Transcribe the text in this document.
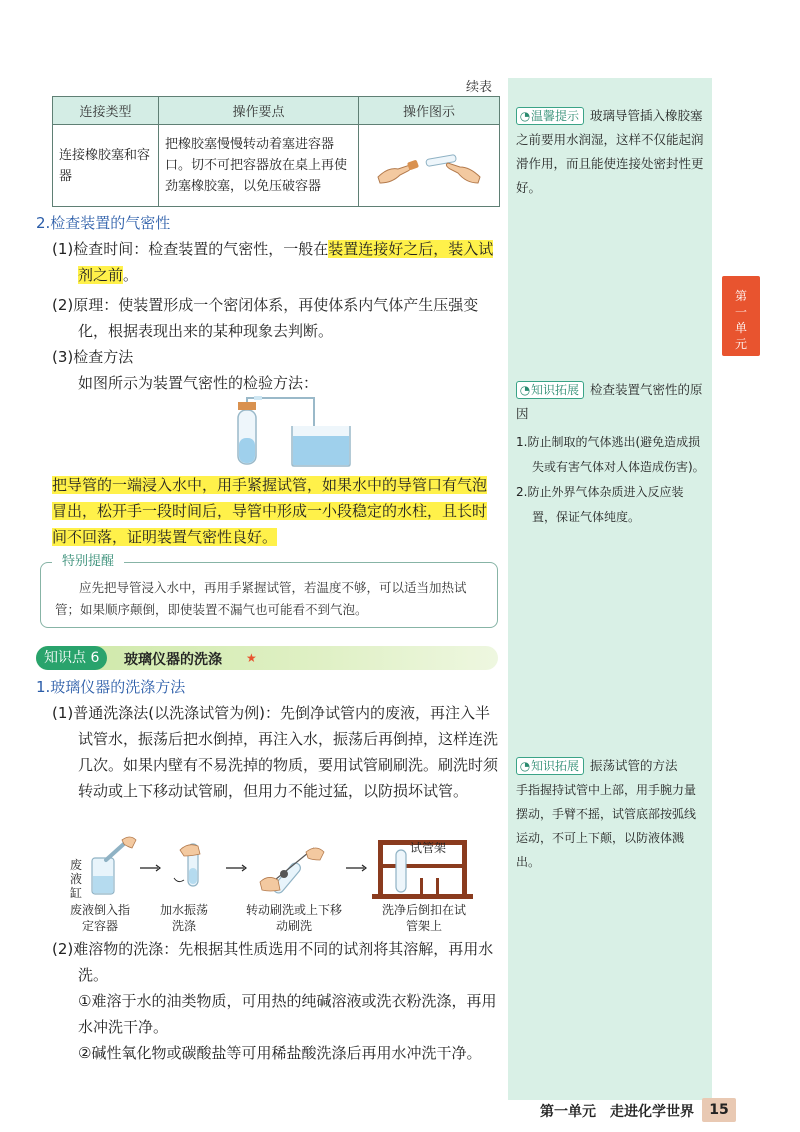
◔温馨提示 玻璃导管插入橡胶塞之前要用水润湿，这样不仅能起润滑作用，而且能使连接处密封性更好。
◔知识拓展 检查装置气密性的原因
1.防止制取的气体逃出(避免造成损失或有害气体对人体造成伤害)。
2.防止外界气体杂质进入反应装置，保证气体纯度。
◔知识拓展 振荡试管的方法
手指握持试管中上部，用手腕力量摆动，手臂不摇，试管底部按弧线运动，不可上下颠，以防液体溅出。
第一单元
续表
连接类型	操作要点	操作图示
连接橡胶塞和容器	把橡胶塞慢慢转动着塞进容器口。切不可把容器放在桌上再使劲塞橡胶塞，以免压破容器	
2.检查装置的气密性
(1)检查时间：检查装置的气密性，一般在装置连接好之后，装入试剂之前。
(2)原理：使装置形成一个密闭体系，再使体系内气体产生压强变化，根据表现出来的某种现象去判断。
(3)检查方法
如图所示为装置气密性的检验方法：
把导管的一端浸入水中，用手紧握试管，如果水中的导管口有气泡冒出，松开手一段时间后，导管中形成一小段稳定的水柱，且长时间不回落，证明装置气密性良好。
应先把导管浸入水中，再用手紧握试管，若温度不够，可以适当加热试管；如果顺序颠倒，即使装置不漏气也可能看不到气泡。
特别提醒
知识点 6	玻璃仪器的洗涤 ★
1.玻璃仪器的洗涤方法
(1)普通洗涤法(以洗涤试管为例)：先倒净试管内的废液，再注入半试管水，振荡后把水倒掉，再注入水，振荡后再倒掉，这样连洗几次。如果内壁有不易洗掉的物质，要用试管刷刷洗。刷洗时须转动或上下移动试管刷，但用力不能过猛，以防损坏试管。
废液缸
试管架
废液倒入指定容器
加水振荡洗涤
转动刷洗或上下移动刷洗
洗净后倒扣在试管架上
(2)难溶物的洗涤：先根据其性质选用不同的试剂将其溶解，再用水洗。
①难溶于水的油类物质，可用热的纯碱溶液或洗衣粉洗涤，再用水冲洗干净。
②碱性氧化物或碳酸盐等可用稀盐酸洗涤后再用水冲洗干净。
第一单元　走进化学世界	15
